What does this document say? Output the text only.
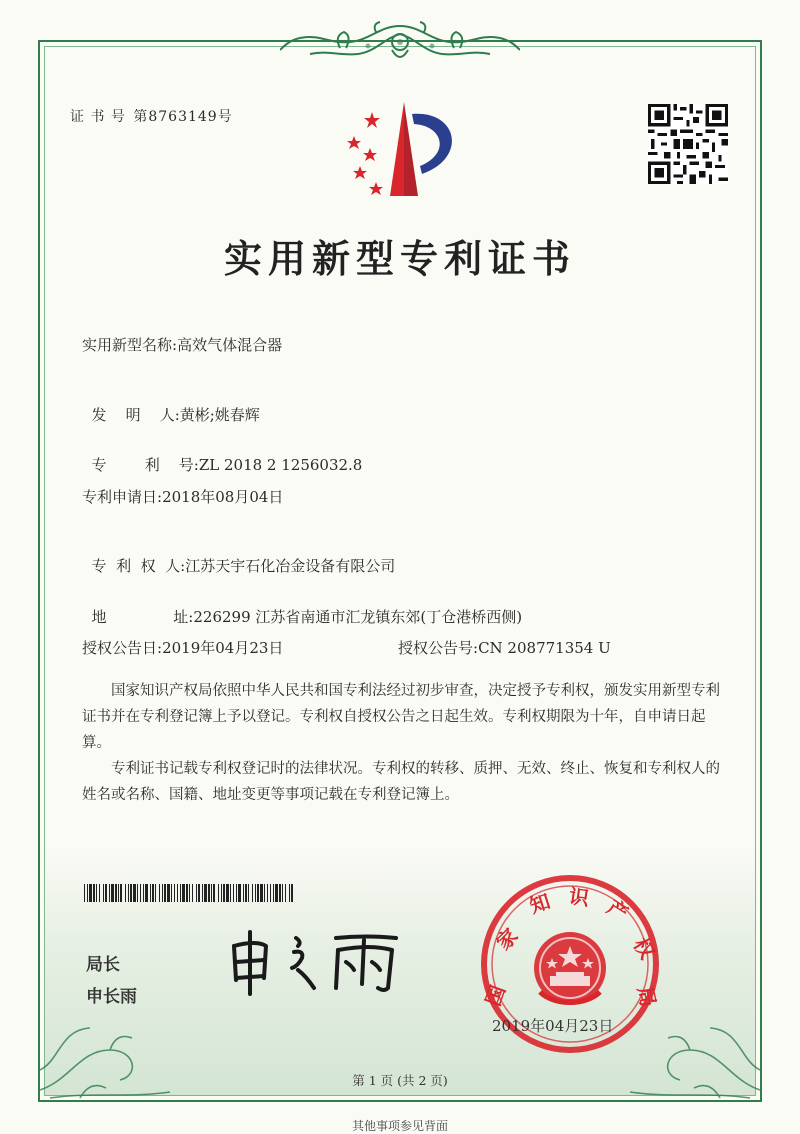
证 书 号 第8763149号
实用新型专利证书
实用新型名称:高效气体混合器

发    明    人:黄彬;姚春辉

专        利    号:ZL 2018 2 1256032.8

专利申请日:2018年08月04日

专  利  权  人:江苏天宇石化冶金设备有限公司

地              址:226299 江苏省南通市汇龙镇东郊(丁仓港桥西侧)

授权公告日:2019年04月23日	授权公告号:CN 208771354 U

国家知识产权局依照中华人民共和国专利法经过初步审查，决定授予专利权，颁发实用新型专利证书并在专利登记簿上予以登记。专利权自授权公告之日起生效。专利权期限为十年，自申请日起算。

专利证书记载专利权登记时的法律状况。专利权的转移、质押、无效、终止、恢复和专利权人的姓名或名称、国籍、地址变更等事项记载在专利登记簿上。

局长
申长雨	国
家
知 识 产
权
局
2019年04月23日
第 1 页 (共 2 页)
其他事项参见背面
